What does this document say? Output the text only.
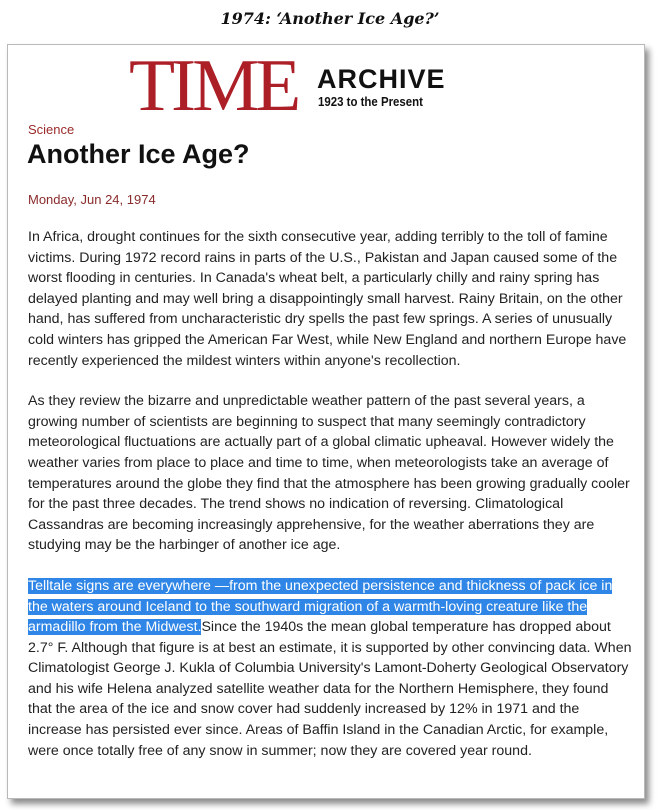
1974: ‘Another Ice Age?’
TIME ARCHIVE
1923 to the Present
Science
Another Ice Age?
Monday, Jun 24, 1974

In Africa, drought continues for the sixth consecutive year, adding terribly to the toll of famine victims. During 1972 record rains in parts of the U.S., Pakistan and Japan caused some of the worst flooding in centuries. In Canada's wheat belt, a particularly chilly and rainy spring has delayed planting and may well bring a disappointingly small harvest. Rainy Britain, on the other hand, has suffered from uncharacteristic dry spells the past few springs. A series of unusually cold winters has gripped the American Far West, while New England and northern Europe have recently experienced the mildest winters within anyone's recollection.

As they review the bizarre and unpredictable weather pattern of the past several years, a growing number of scientists are beginning to suspect that many seemingly contradictory meteorological fluctuations are actually part of a global climatic upheaval. However widely the weather varies from place to place and time to time, when meteorologists take an average of temperatures around the globe they find that the atmosphere has been growing gradually cooler for the past three decades. The trend shows no indication of reversing. Climatological Cassandras are becoming increasingly apprehensive, for the weather aberrations they are studying may be the harbinger of another ice age.

Telltale signs are everywhere —from the unexpected persistence and thickness of pack ice in the waters around Iceland to the southward migration of a warmth-loving creature like the armadillo from the Midwest.Since the 1940s the mean global temperature has dropped about 2.7° F. Although that figure is at best an estimate, it is supported by other convincing data. When Climatologist George J. Kukla of Columbia University's Lamont-Doherty Geological Observatory and his wife Helena analyzed satellite weather data for the Northern Hemisphere, they found that the area of the ice and snow cover had suddenly increased by 12% in 1971 and the increase has persisted ever since. Areas of Baffin Island in the Canadian Arctic, for example, were once totally free of any snow in summer; now they are covered year round.
